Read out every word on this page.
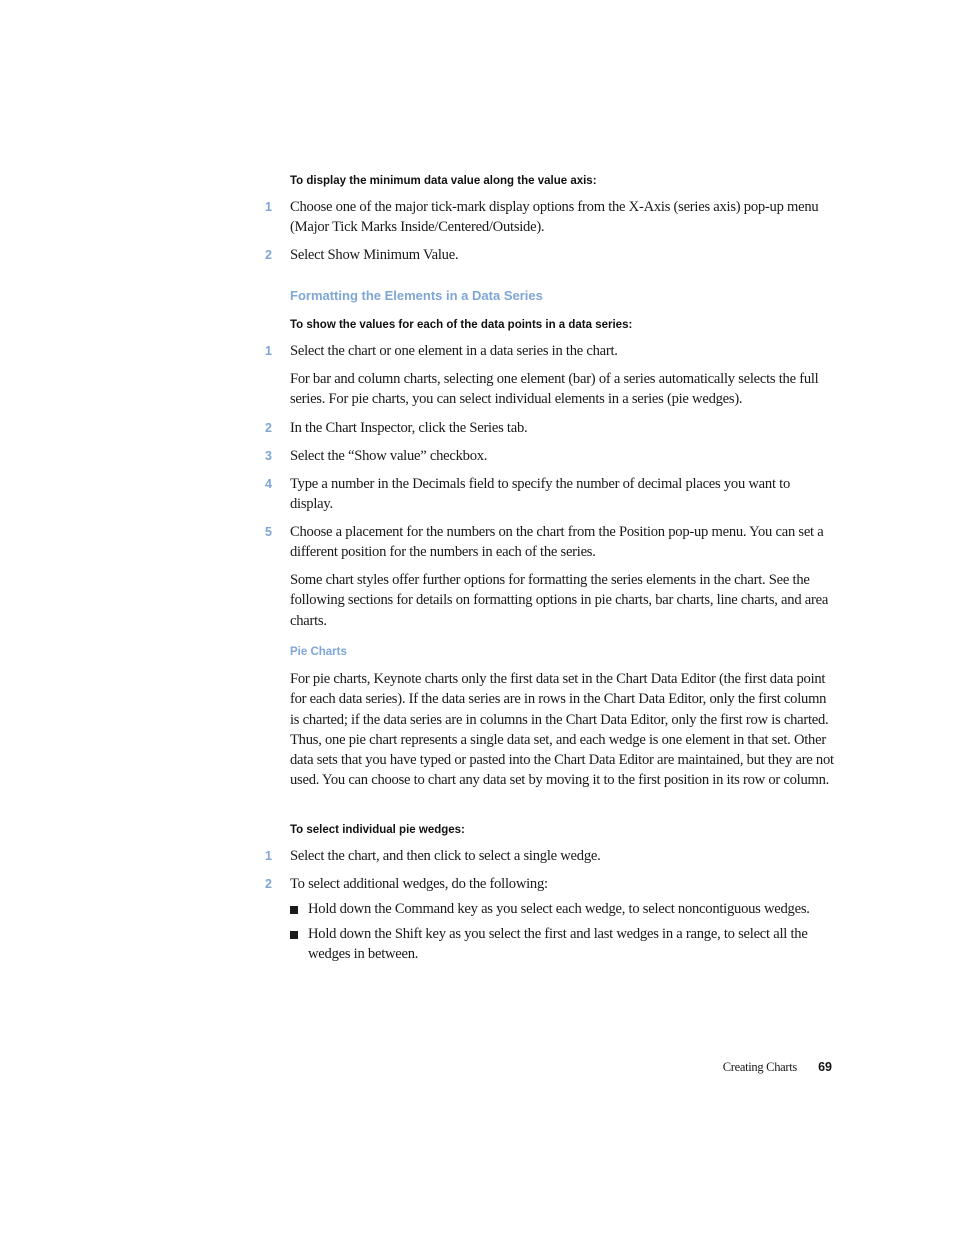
To display the minimum data value along the value axis:
1 Choose one of the major tick-mark display options from the X-Axis (series axis) pop-up menu (Major Tick Marks Inside/Centered/Outside).
2 Select Show Minimum Value.
Formatting the Elements in a Data Series
To show the values for each of the data points in a data series:
1 Select the chart or one element in a data series in the chart.
For bar and column charts, selecting one element (bar) of a series automatically selects the full series. For pie charts, you can select individual elements in a series (pie wedges).
2 In the Chart Inspector, click the Series tab.
3 Select the “Show value” checkbox.
4 Type a number in the Decimals field to specify the number of decimal places you want to display.
5 Choose a placement for the numbers on the chart from the Position pop-up menu. You can set a different position for the numbers in each of the series.
Some chart styles offer further options for formatting the series elements in the chart. See the following sections for details on formatting options in pie charts, bar charts, line charts, and area charts.
Pie Charts
For pie charts, Keynote charts only the first data set in the Chart Data Editor (the first data point for each data series). If the data series are in rows in the Chart Data Editor, only the first column is charted; if the data series are in columns in the Chart Data Editor, only the first row is charted. Thus, one pie chart represents a single data set, and each wedge is one element in that set. Other data sets that you have typed or pasted into the Chart Data Editor are maintained, but they are not used. You can choose to chart any data set by moving it to the first position in its row or column.
To select individual pie wedges:
1 Select the chart, and then click to select a single wedge.
2 To select additional wedges, do the following:
Hold down the Command key as you select each wedge, to select noncontiguous wedges.
Hold down the Shift key as you select the first and last wedges in a range, to select all the wedges in between.
Creating Charts 69
